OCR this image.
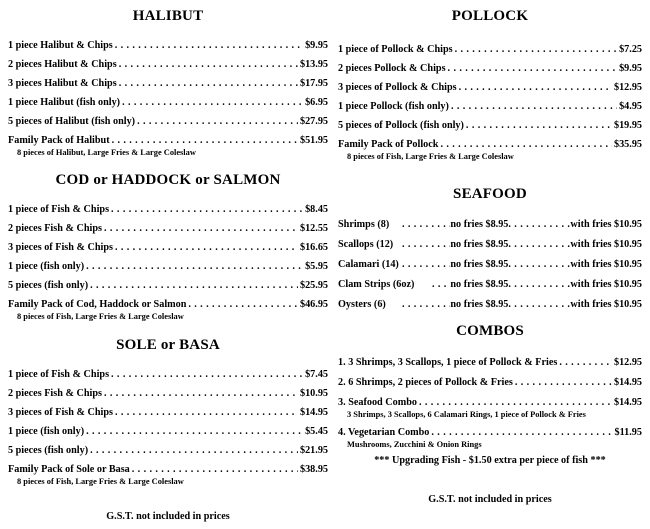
HALIBUT
1 piece Halibut & Chips . . .	$9.95
2 pieces Halibut & Chips . . .	$13.95
3 pieces Halibut & Chips . . .	$17.95
1 piece Halibut (fish only) . . .	$6.95
5 pieces of Halibut (fish only) . . .	$27.95
Family Pack of Halibut . . .	$51.95
8 pieces of Halibut, Large Fries & Large Coleslaw
COD or HADDOCK or SALMON
1 piece of Fish & Chips . . .	$8.45
2 pieces Fish & Chips . . .	$12.55
3 pieces of Fish & Chips . . .	$16.65
1 piece (fish only) . . .	$5.95
5 pieces (fish only) . . .	$25.95
Family Pack of Cod, Haddock or Salmon . . .	$46.95
8 pieces of Fish, Large Fries & Large Coleslaw
SOLE or BASA
1 piece of Fish & Chips . . .	$7.45
2 pieces Fish & Chips . . .	$10.95
3 pieces of Fish & Chips . . .	$14.95
1 piece (fish only) . . .	$5.45
5 pieces (fish only) . . .	$21.95
Family Pack of Sole or Basa . . .	$38.95
8 pieces of Fish, Large Fries & Large Coleslaw
G.S.T. not included in prices
POLLOCK
1 piece of Pollock & Chips . . .	$7.25
2 pieces Pollock & Chips . . .	$9.95
3 pieces of Pollock & Chips . . .	$12.95
1 piece Pollock (fish only) . . .	$4.95
5 pieces of Pollock (fish only) . . .	$19.95
Family Pack of Pollock . . .	$35.95
8 pieces of Fish, Large Fries & Large Coleslaw
SEAFOOD
Shrimps (8) . . .	no fries $8.95 . . .	with fries $10.95
Scallops (12) . . .	no fries $8.95 . . .	with fries $10.95
Calamari (14) . . .	no fries $8.95 . . .	with fries $10.95
Clam Strips (6oz) . . .	no fries $8.95 . . .	with fries $10.95
Oysters (6) . . .	no fries $8.95 . . .	with fries $10.95
COMBOS
1. 3 Shrimps, 3 Scallops, 1 piece of Pollock & Fries . . .	$12.95
2. 6 Shrimps, 2 pieces of Pollock & Fries . . .	$14.95
3. Seafood Combo . . .	$14.95
3 Shrimps, 3 Scallops, 6 Calamari Rings, 1 piece of Pollock & Fries
4. Vegetarian Combo . . .	$11.95
Mushrooms, Zucchini & Onion Rings
*** Upgrading Fish - $1.50 extra per piece of fish ***
G.S.T. not included in prices
